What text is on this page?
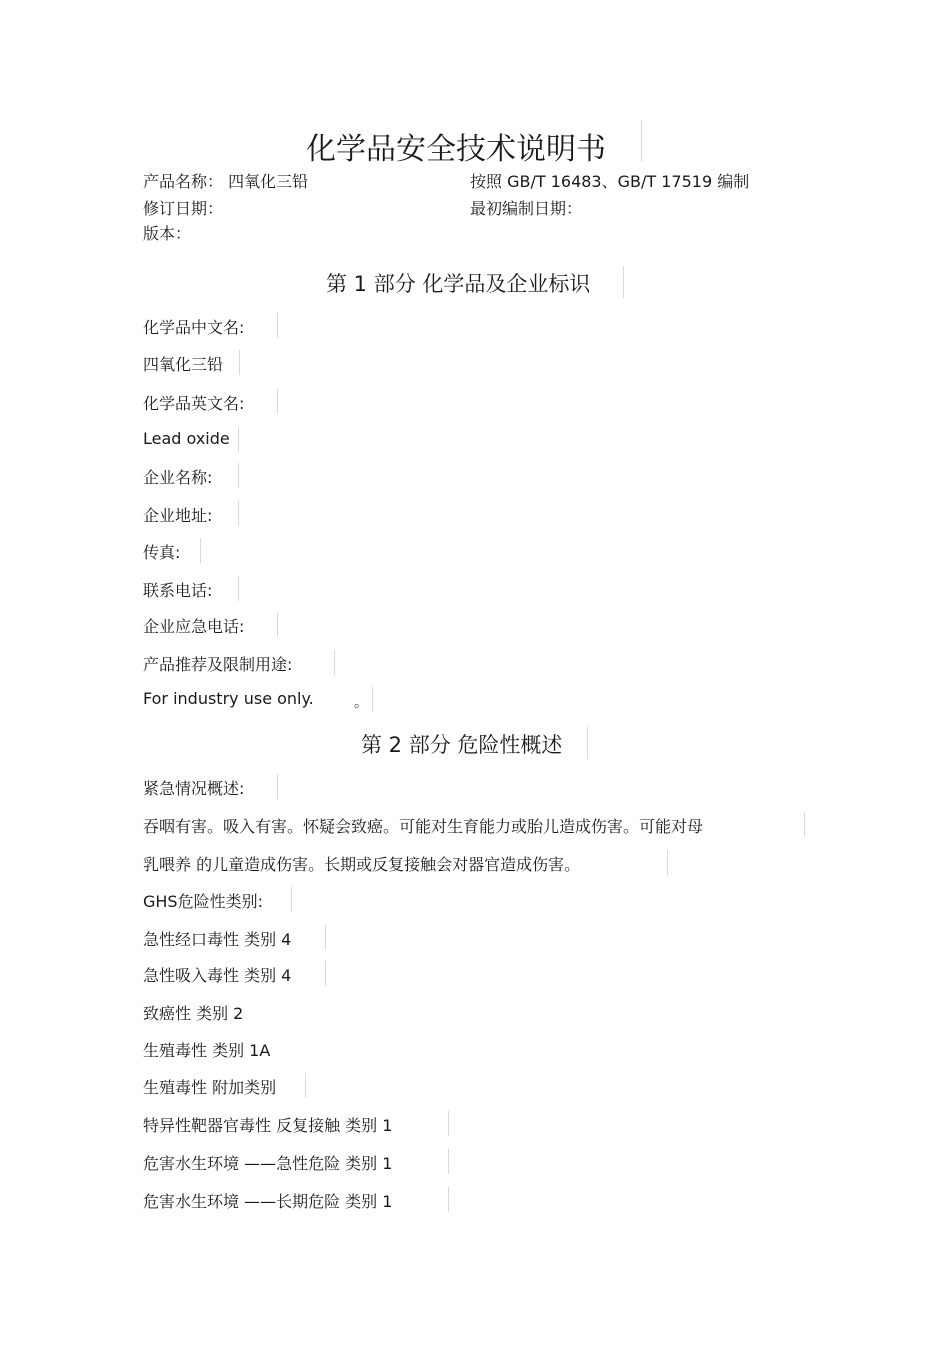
化学品安全技术说明书
产品名称： 四氧化三铅	按照 GB/T 16483、GB/T 17519 编制
修订日期：	最初编制日期：
版本：
第 1 部分 化学品及企业标识
化学品中文名:
四氧化三铅
化学品英文名:
Lead oxide
企业名称:
企业地址:
传真:
联系电话:
企业应急电话:
产品推荐及限制用途:
For industry use only.	。
第 2 部分 危险性概述
紧急情况概述:
吞咽有害。吸入有害。怀疑会致癌。可能对生育能力或胎儿造成伤害。可能对母
乳喂养 的儿童造成伤害。长期或反复接触会对器官造成伤害。
GHS危险性类别:
急性经口毒性 类别 4
急性吸入毒性 类别 4
致癌性 类别 2
生殖毒性 类别 1A
生殖毒性 附加类别
特异性靶器官毒性 反复接触 类别 1
危害水生环境 ——急性危险 类别 1
危害水生环境 ——长期危险 类别 1
